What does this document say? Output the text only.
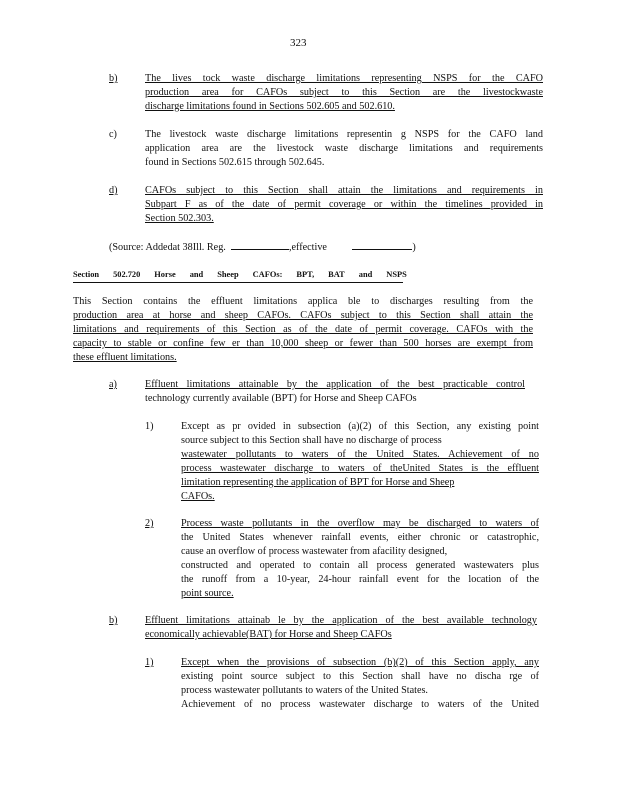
323
b)	The lives tock waste discharge limitations representing NSPS for the CAFO
production area for CAFOs subject to this Section are the livestockwaste
discharge limitations found in Sections 502.605 and 502.610.
c)	The livestock waste discharge limitations representin g NSPS for the CAFO land
application area are the livestock waste discharge limitations and requirements
found in Sections 502.615 through 502.645.
d)	CAFOs subject to this Section shall attain the limitations and requirements in
Subpart F as of the date of permit coverage or within the timelines provided in
Section 502.303.
(Source: Addedat 38Ill. Reg.	,effective	)
Section 502.720 Horse and Sheep CAFOs: BPT, BAT and NSPS
This Section contains the effluent limitations applica ble to discharges resulting from the
production area at horse and sheep CAFOs. CAFOs subject to this Section shall attain the
limitations and requirements of this Section as of the date of permit coverage. CAFOs with the
capacity to stable or confine few er than 10,000 sheep or fewer than 500 horses are exempt from
these effluent limitations.
a)	Effluent limitations attainable by the application of the best practicable control
technology currently available (BPT) for Horse and Sheep CAFOs
1)	Except as pr ovided in subsection (a)(2) of this Section, any existing point
source subject to this Section shall have no discharge of process
wastewater pollutants to waters of the United States. Achievement of no
process wastewater discharge to waters of theUnited States is the effluent
limitation representing the application of BPT for Horse and Sheep
CAFOs.
2)	Process waste pollutants in the overflow may be discharged to waters of
the United States whenever rainfall events, either chronic or catastrophic,
cause an overflow of process wastewater from afacility designed,
constructed and operated to contain all process generated wastewaters plus
the runoff from a 10-year, 24-hour rainfall event for the location of the
point source.
b)	Effluent limitations attainab le by the application of the best available technology
economically achievable(BAT) for Horse and Sheep CAFOs
1)	Except when the provisions of subsection (b)(2) of this Section apply, any
existing point source subject to this Section shall have no discha rge of
process wastewater pollutants to waters of the United States.
Achievement of no process wastewater discharge to waters of the United
